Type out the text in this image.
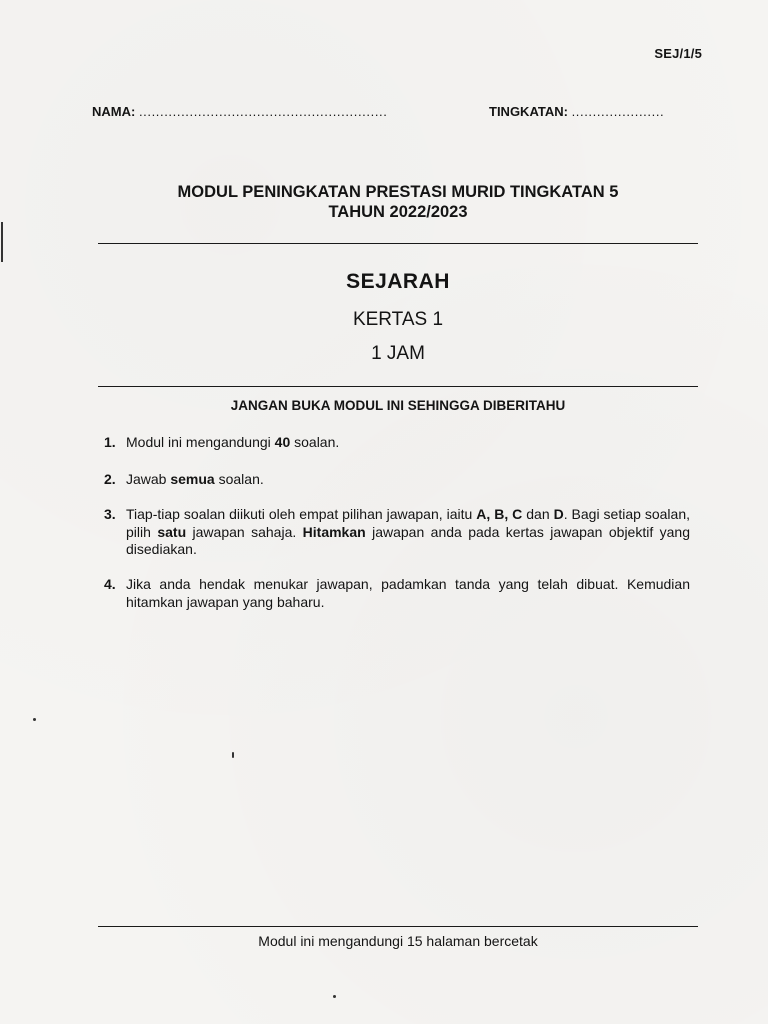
SEJ/1/5
NAMA: ...........................................................	TINGKATAN: ......................
MODUL PENINGKATAN PRESTASI MURID TINGKATAN 5
TAHUN 2022/2023
SEJARAH
KERTAS 1
1 JAM
JANGAN BUKA MODUL INI SEHINGGA DIBERITAHU
1. Modul ini mengandungi 40 soalan.
2. Jawab semua soalan.
3. Tiap-tiap soalan diikuti oleh empat pilihan jawapan, iaitu A, B, C dan D. Bagi setiap soalan, pilih satu jawapan sahaja. Hitamkan jawapan anda pada kertas jawapan objektif yang disediakan.
4. Jika anda hendak menukar jawapan, padamkan tanda yang telah dibuat. Kemudian hitamkan jawapan yang baharu.
Modul ini mengandungi 15 halaman bercetak
